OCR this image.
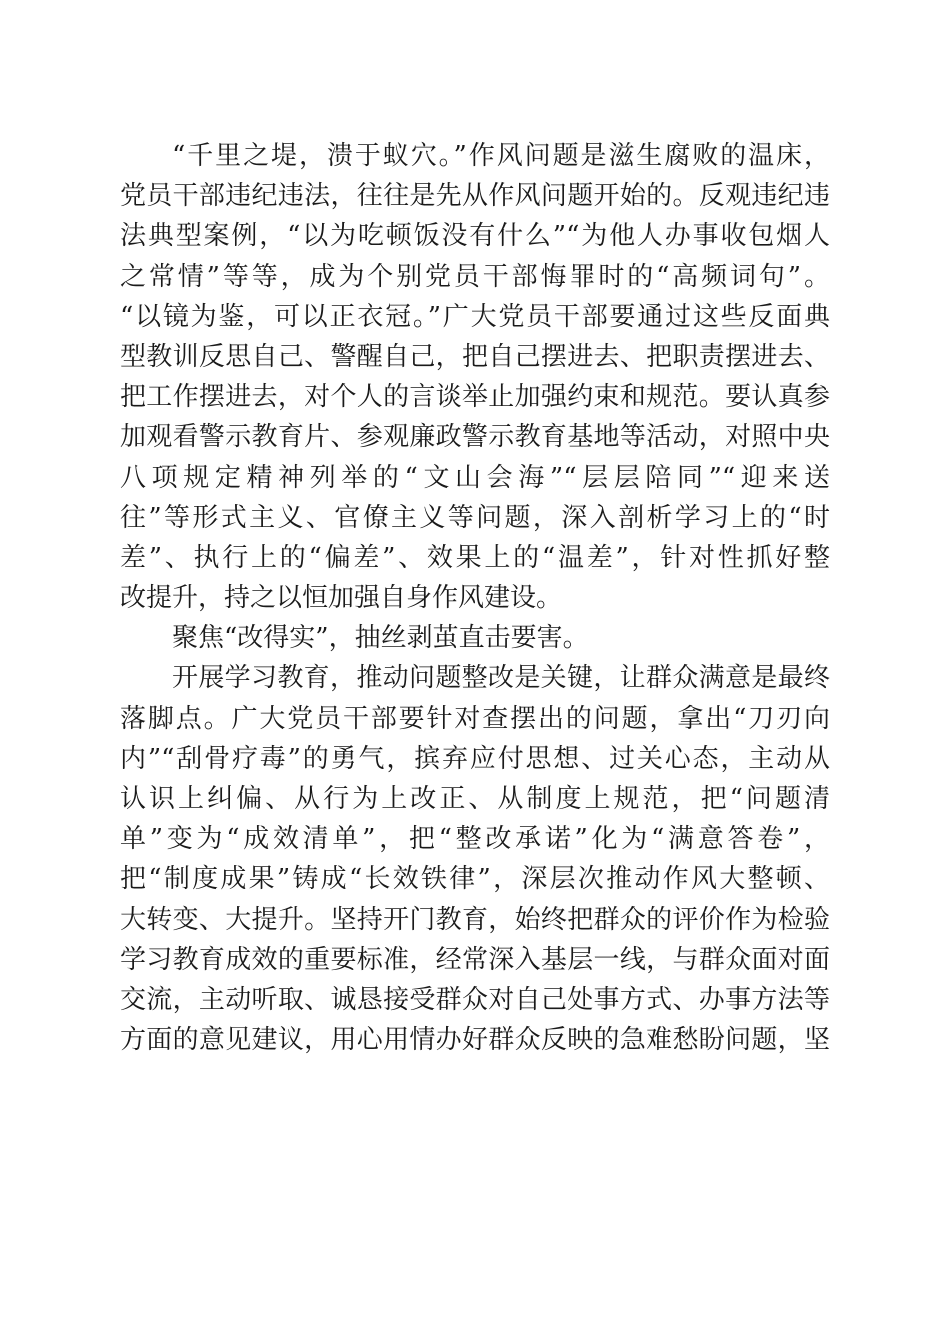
“千里之堤，溃于蚁穴。”作风问题是滋生腐败的温床，
党员干部违纪违法，往往是先从作风问题开始的。反观违纪违
法典型案例，“以为吃顿饭没有什么”“为他人办事收包烟人
之常情”等等，成为个别党员干部悔罪时的“高频词句”。
“以镜为鉴，可以正衣冠。”广大党员干部要通过这些反面典
型教训反思自己、警醒自己，把自己摆进去、把职责摆进去、
把工作摆进去，对个人的言谈举止加强约束和规范。要认真参
加观看警示教育片、参观廉政警示教育基地等活动，对照中央
八项规定精神列举的“文山会海”“层层陪同”“迎来送
往”等形式主义、官僚主义等问题，深入剖析学习上的“时
差”、执行上的“偏差”、效果上的“温差”，针对性抓好整
改提升，持之以恒加强自身作风建设。
聚焦“改得实”，抽丝剥茧直击要害。
开展学习教育，推动问题整改是关键，让群众满意是最终
落脚点。广大党员干部要针对查摆出的问题，拿出“刀刃向
内”“刮骨疗毒”的勇气，摈弃应付思想、过关心态，主动从
认识上纠偏、从行为上改正、从制度上规范，把“问题清
单”变为“成效清单”，把“整改承诺”化为“满意答卷”，
把“制度成果”铸成“长效铁律”，深层次推动作风大整顿、
大转变、大提升。坚持开门教育，始终把群众的评价作为检验
学习教育成效的重要标准，经常深入基层一线，与群众面对面
交流，主动听取、诚恳接受群众对自己处事方式、办事方法等
方面的意见建议，用心用情办好群众反映的急难愁盼问题，坚
